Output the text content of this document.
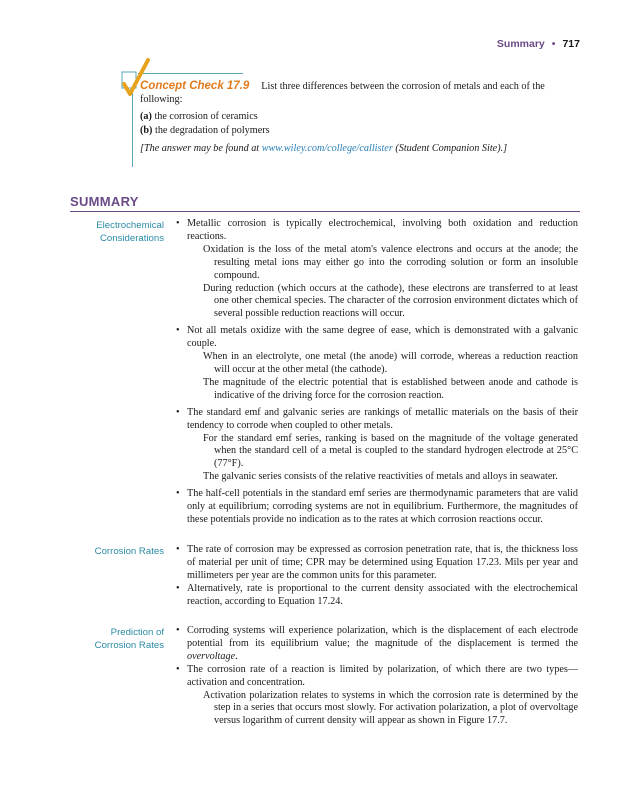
Summary • 717

Concept Check 17.9 List three differences between the corrosion of metals and each of the following:

(a) the corrosion of ceramics

(b) the degradation of polymers

[The answer may be found at www.wiley.com/college/callister (Student Companion Site).]

SUMMARY
Electrochemical
Considerations

• Metallic corrosion is typically electrochemical, involving both oxidation and reduction reactions.

Oxidation is the loss of the metal atom's valence electrons and occurs at the anode; the resulting metal ions may either go into the corroding solution or form an insoluble compound.

During reduction (which occurs at the cathode), these electrons are transferred to at least one other chemical species. The character of the corrosion environment dictates which of several possible reduction reactions will occur.

• Not all metals oxidize with the same degree of ease, which is demonstrated with a galvanic couple.

When in an electrolyte, one metal (the anode) will corrode, whereas a reduction reaction will occur at the other metal (the cathode).

The magnitude of the electric potential that is established between anode and cathode is indicative of the driving force for the corrosion reaction.

• The standard emf and galvanic series are rankings of metallic materials on the basis of their tendency to corrode when coupled to other metals.

For the standard emf series, ranking is based on the magnitude of the voltage generated when the standard cell of a metal is coupled to the standard hydrogen electrode at 25°C (77°F).

The galvanic series consists of the relative reactivities of metals and alloys in seawater.

• The half-cell potentials in the standard emf series are thermodynamic parameters that are valid only at equilibrium; corroding systems are not in equilibrium. Furthermore, the magnitudes of these potentials provide no indication as to the rates at which corrosion reactions occur.

Corrosion Rates	• The rate of corrosion may be expressed as corrosion penetration rate, that is, the thickness loss of material per unit of time; CPR may be determined using Equation 17.23. Mils per year and millimeters per year are the common units for this parameter.

• Alternatively, rate is proportional to the current density associated with the electrochemical reaction, according to Equation 17.24.

Prediction of
Corrosion Rates

• Corroding systems will experience polarization, which is the displacement of each electrode potential from its equilibrium value; the magnitude of the displacement is termed the overvoltage.

• The corrosion rate of a reaction is limited by polarization, of which there are two types—activation and concentration.

Activation polarization relates to systems in which the corrosion rate is determined by the step in a series that occurs most slowly. For activation polarization, a plot of overvoltage versus logarithm of current density will appear as shown in Figure 17.7.
